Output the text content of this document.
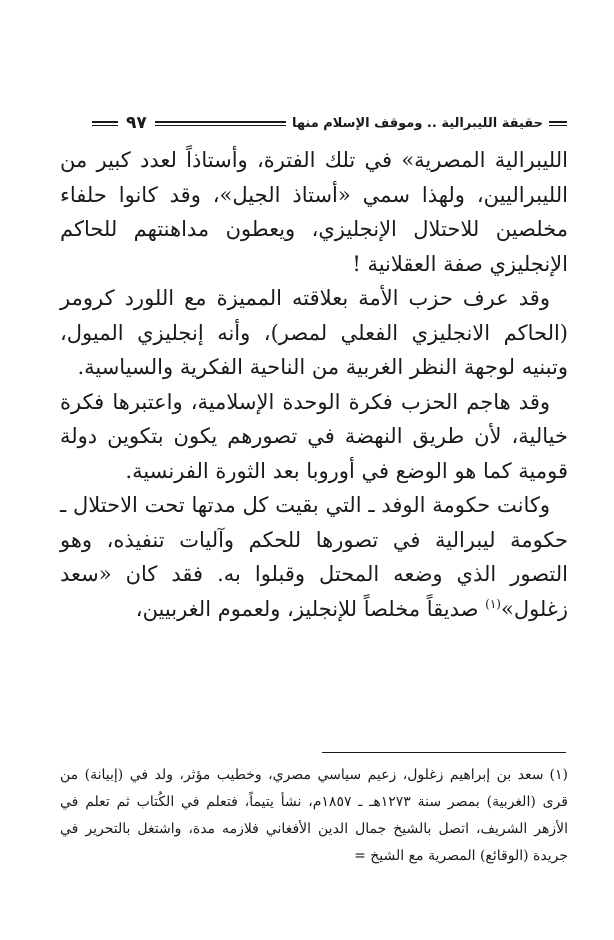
حقيقة الليبرالية .. وموقف الإسلام منها
٩٧

الليبرالية المصرية» في تلك الفترة، وأستاذاً لعدد كبير من الليبراليين، ولهذا سمي «أستاذ الجيل»، وقد كانوا حلفاء مخلصين للاحتلال الإنجليزي، ويعطون مداهنتهم للحاكم الإنجليزي صفة العقلانية !

وقد عرف حزب الأمة بعلاقته المميزة مع اللورد كرومر (الحاكم الانجليزي الفعلي لمصر)، وأنه إنجليزي الميول، وتبنيه لوجهة النظر الغربية من الناحية الفكرية والسياسية.

وقد هاجم الحزب فكرة الوحدة الإسلامية، واعتبرها فكرة خيالية، لأن طريق النهضة في تصورهم يكون بتكوين دولة قومية كما هو الوضع في أوروبا بعد الثورة الفرنسية.

وكانت حكومة الوفد ـ التي بقيت كل مدتها تحت الاحتلال ـ حكومة ليبرالية في تصورها للحكم وآليات تنفيذه، وهو التصور الذي وضعه المحتل وقبلوا به. فقد كان «سعد زغلول»$^{(١)}$ صديقاً مخلصاً للإنجليز، ولعموم الغربيين،

(١)سعد بن إبراهيم زغلول، زعيم سياسي مصري، وخطيب مؤثر، ولد في (إبيانة) من قرى (الغربية) بمصر سنة ١٢٧٣هـ ـ ١٨٥٧م، نشأ يتيماً، فتعلم في الكُتاب ثم تعلم في الأزهر الشريف، اتصل بالشيخ جمال الدين الأفغاني فلازمه مدة، واشتغل بالتحرير في جريدة (الوقائع) المصرية مع الشيخ =
